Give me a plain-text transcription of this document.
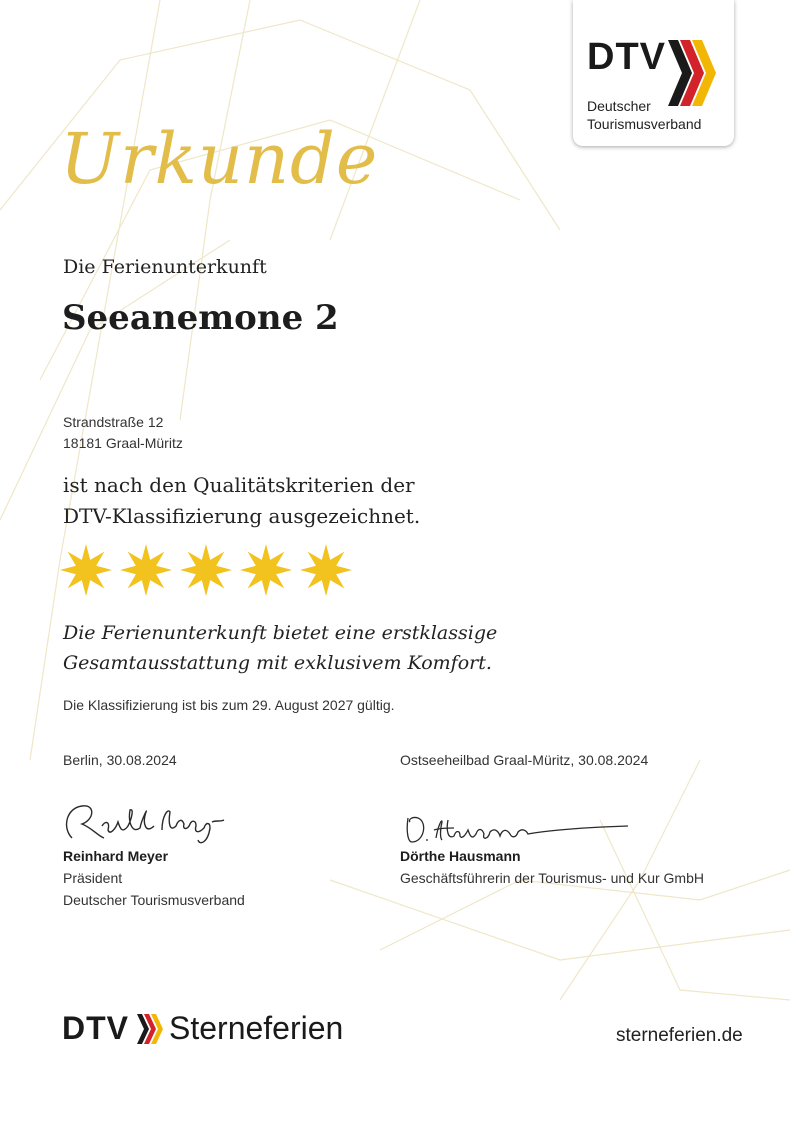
DTV
Deutscher
Tourismusverband
Urkunde
Die Ferienunterkunft
Seeanemone 2
Strandstraße 12
18181 Graal-Müritz
ist nach den Qualitätskriterien der
DTV-Klassifizierung ausgezeichnet.
Die Ferienunterkunft bietet eine erstklassige
Gesamtausstattung mit exklusivem Komfort.
Die Klassifizierung ist bis zum 29. August 2027 gültig.
Berlin, 30.08.2024	Ostseeheilbad Graal-Müritz, 30.08.2024
Reinhard Meyer
Präsident
Deutscher Tourismusverband
Dörthe Hausmann
Geschäftsführerin der Tourismus- und Kur GmbH
DTV Sterneferien	sterneferien.de
